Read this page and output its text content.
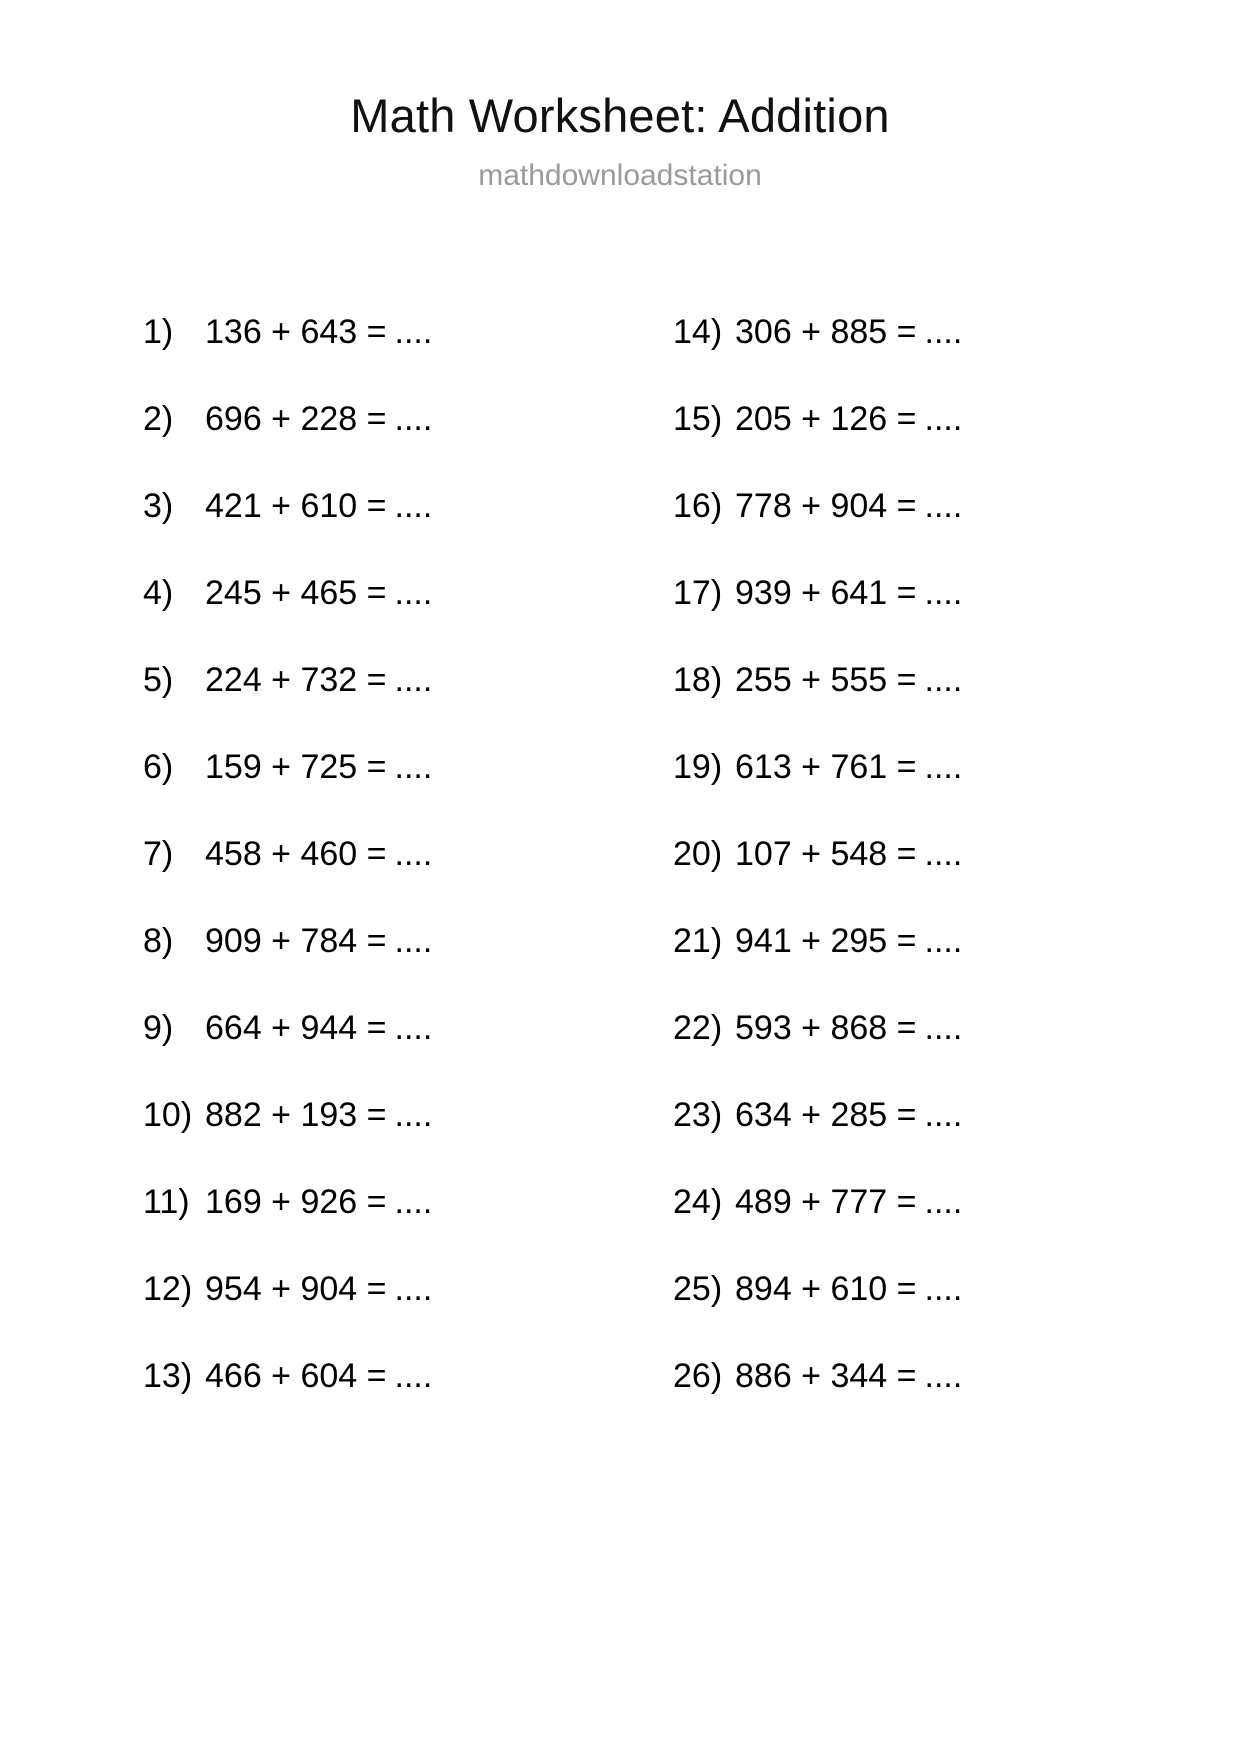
Math Worksheet: Addition
mathdownloadstation
1) 136 + 643 = ....
2) 696 + 228 = ....
3) 421 + 610 = ....
4) 245 + 465 = ....
5) 224 + 732 = ....
6) 159 + 725 = ....
7) 458 + 460 = ....
8) 909 + 784 = ....
9) 664 + 944 = ....
10) 882 + 193 = ....
11) 169 + 926 = ....
12) 954 + 904 = ....
13) 466 + 604 = ....
14) 306 + 885 = ....
15) 205 + 126 = ....
16) 778 + 904 = ....
17) 939 + 641 = ....
18) 255 + 555 = ....
19) 613 + 761 = ....
20) 107 + 548 = ....
21) 941 + 295 = ....
22) 593 + 868 = ....
23) 634 + 285 = ....
24) 489 + 777 = ....
25) 894 + 610 = ....
26) 886 + 344 = ....
